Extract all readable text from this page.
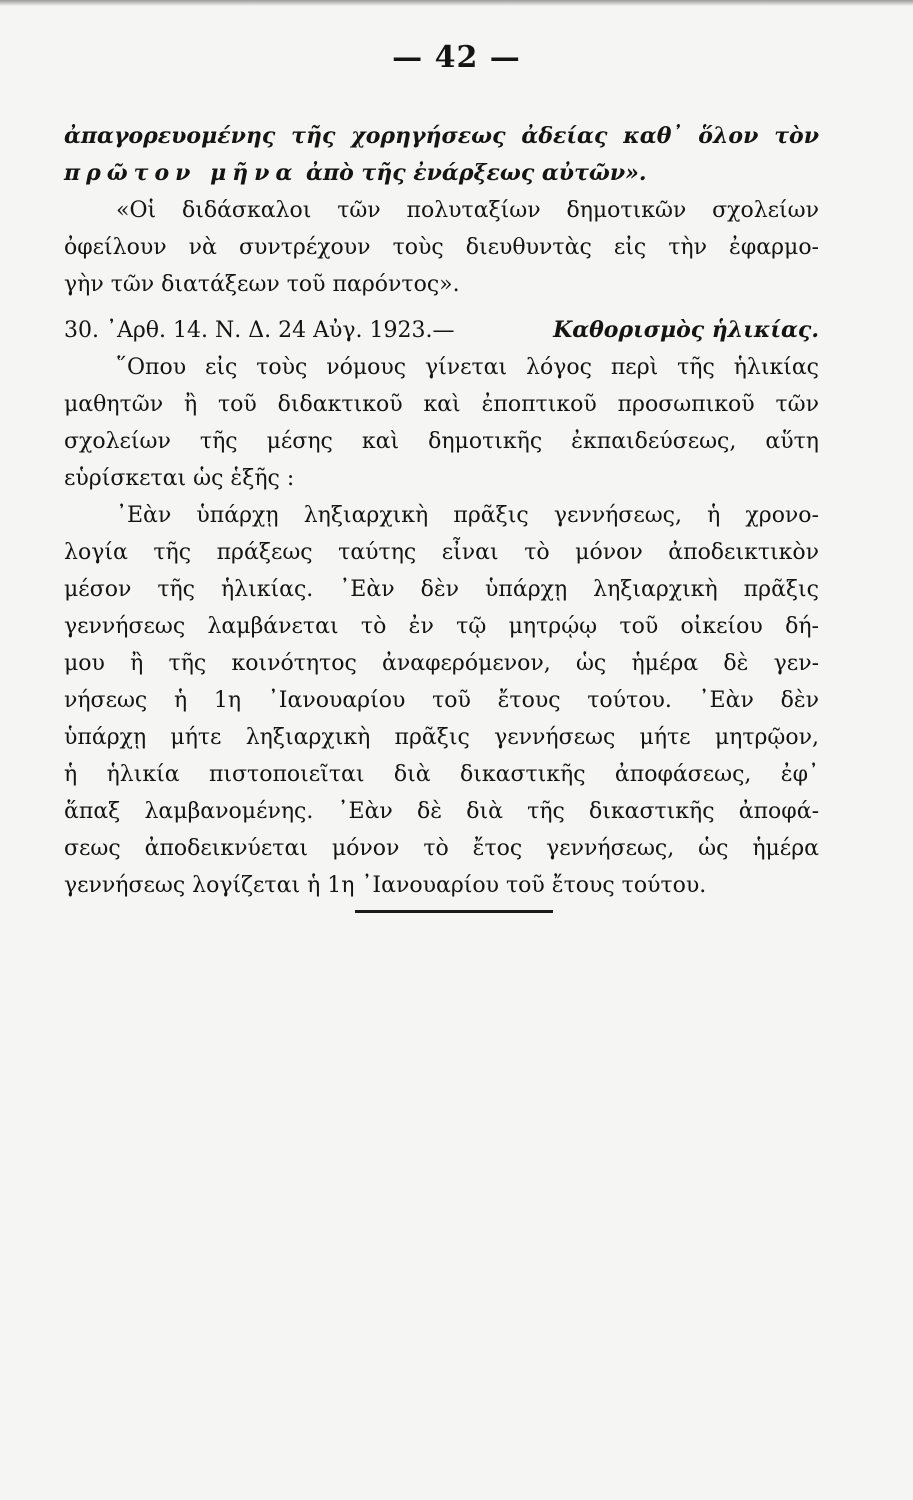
— 42 —
ἀπαγορευομένης τῆς χορηγήσεως ἀδείας καθ᾿ ὅλον τὸν
πρῶτον μῆνα ἀπὸ τῆς ἐνάρξεως αὐτῶν».
«Οἱ διδάσκαλοι τῶν πολυταξίων δημοτικῶν σχολείων
ὀφείλουν νὰ συντρέχουν τοὺς διευθυντὰς εἰς τὴν ἐφαρμο-
γὴν τῶν διατάξεων τοῦ παρόντος».
30. ᾿Αρθ. 14. Ν. Δ. 24 Αὐγ. 1923.—	Καθορισμὸς ἡλικίας.
῞Οπου εἰς τοὺς νόμους γίνεται λόγος περὶ τῆς ἡλικίας
μαθητῶν ἢ τοῦ διδακτικοῦ καὶ ἐποπτικοῦ προσωπικοῦ τῶν
σχολείων τῆς μέσης καὶ δημοτικῆς ἐκπαιδεύσεως, αὕτη
εὑρίσκεται ὡς ἑξῆς :
᾿Εὰν ὑπάρχῃ ληξιαρχικὴ πρᾶξις γεννήσεως, ἡ χρονο-
λογία τῆς πράξεως ταύτης εἶναι τὸ μόνον ἀποδεικτικὸν
μέσον τῆς ἡλικίας. ᾿Εὰν δὲν ὑπάρχῃ ληξιαρχικὴ πρᾶξις
γεννήσεως λαμβάνεται τὸ ἐν τῷ μητρῴῳ τοῦ οἰκείου δή-
μου ἢ τῆς κοινότητος ἀναφερόμενον, ὡς ἡμέρα δὲ γεν-
νήσεως ἡ 1η ᾿Ιανουαρίου τοῦ ἔτους τούτου. ᾿Εὰν δὲν
ὑπάρχῃ μήτε ληξιαρχικὴ πρᾶξις γεννήσεως μήτε μητρῷον,
ἡ ἡλικία πιστοποιεῖται διὰ δικαστικῆς ἀποφάσεως, ἐφ᾿
ἅπαξ λαμβανομένης. ᾿Εὰν δὲ διὰ τῆς δικαστικῆς ἀποφά-
σεως ἀποδεικνύεται μόνον τὸ ἔτος γεννήσεως, ὡς ἡμέρα
γεννήσεως λογίζεται ἡ 1η ᾿Ιανουαρίου τοῦ ἔτους τούτου.
